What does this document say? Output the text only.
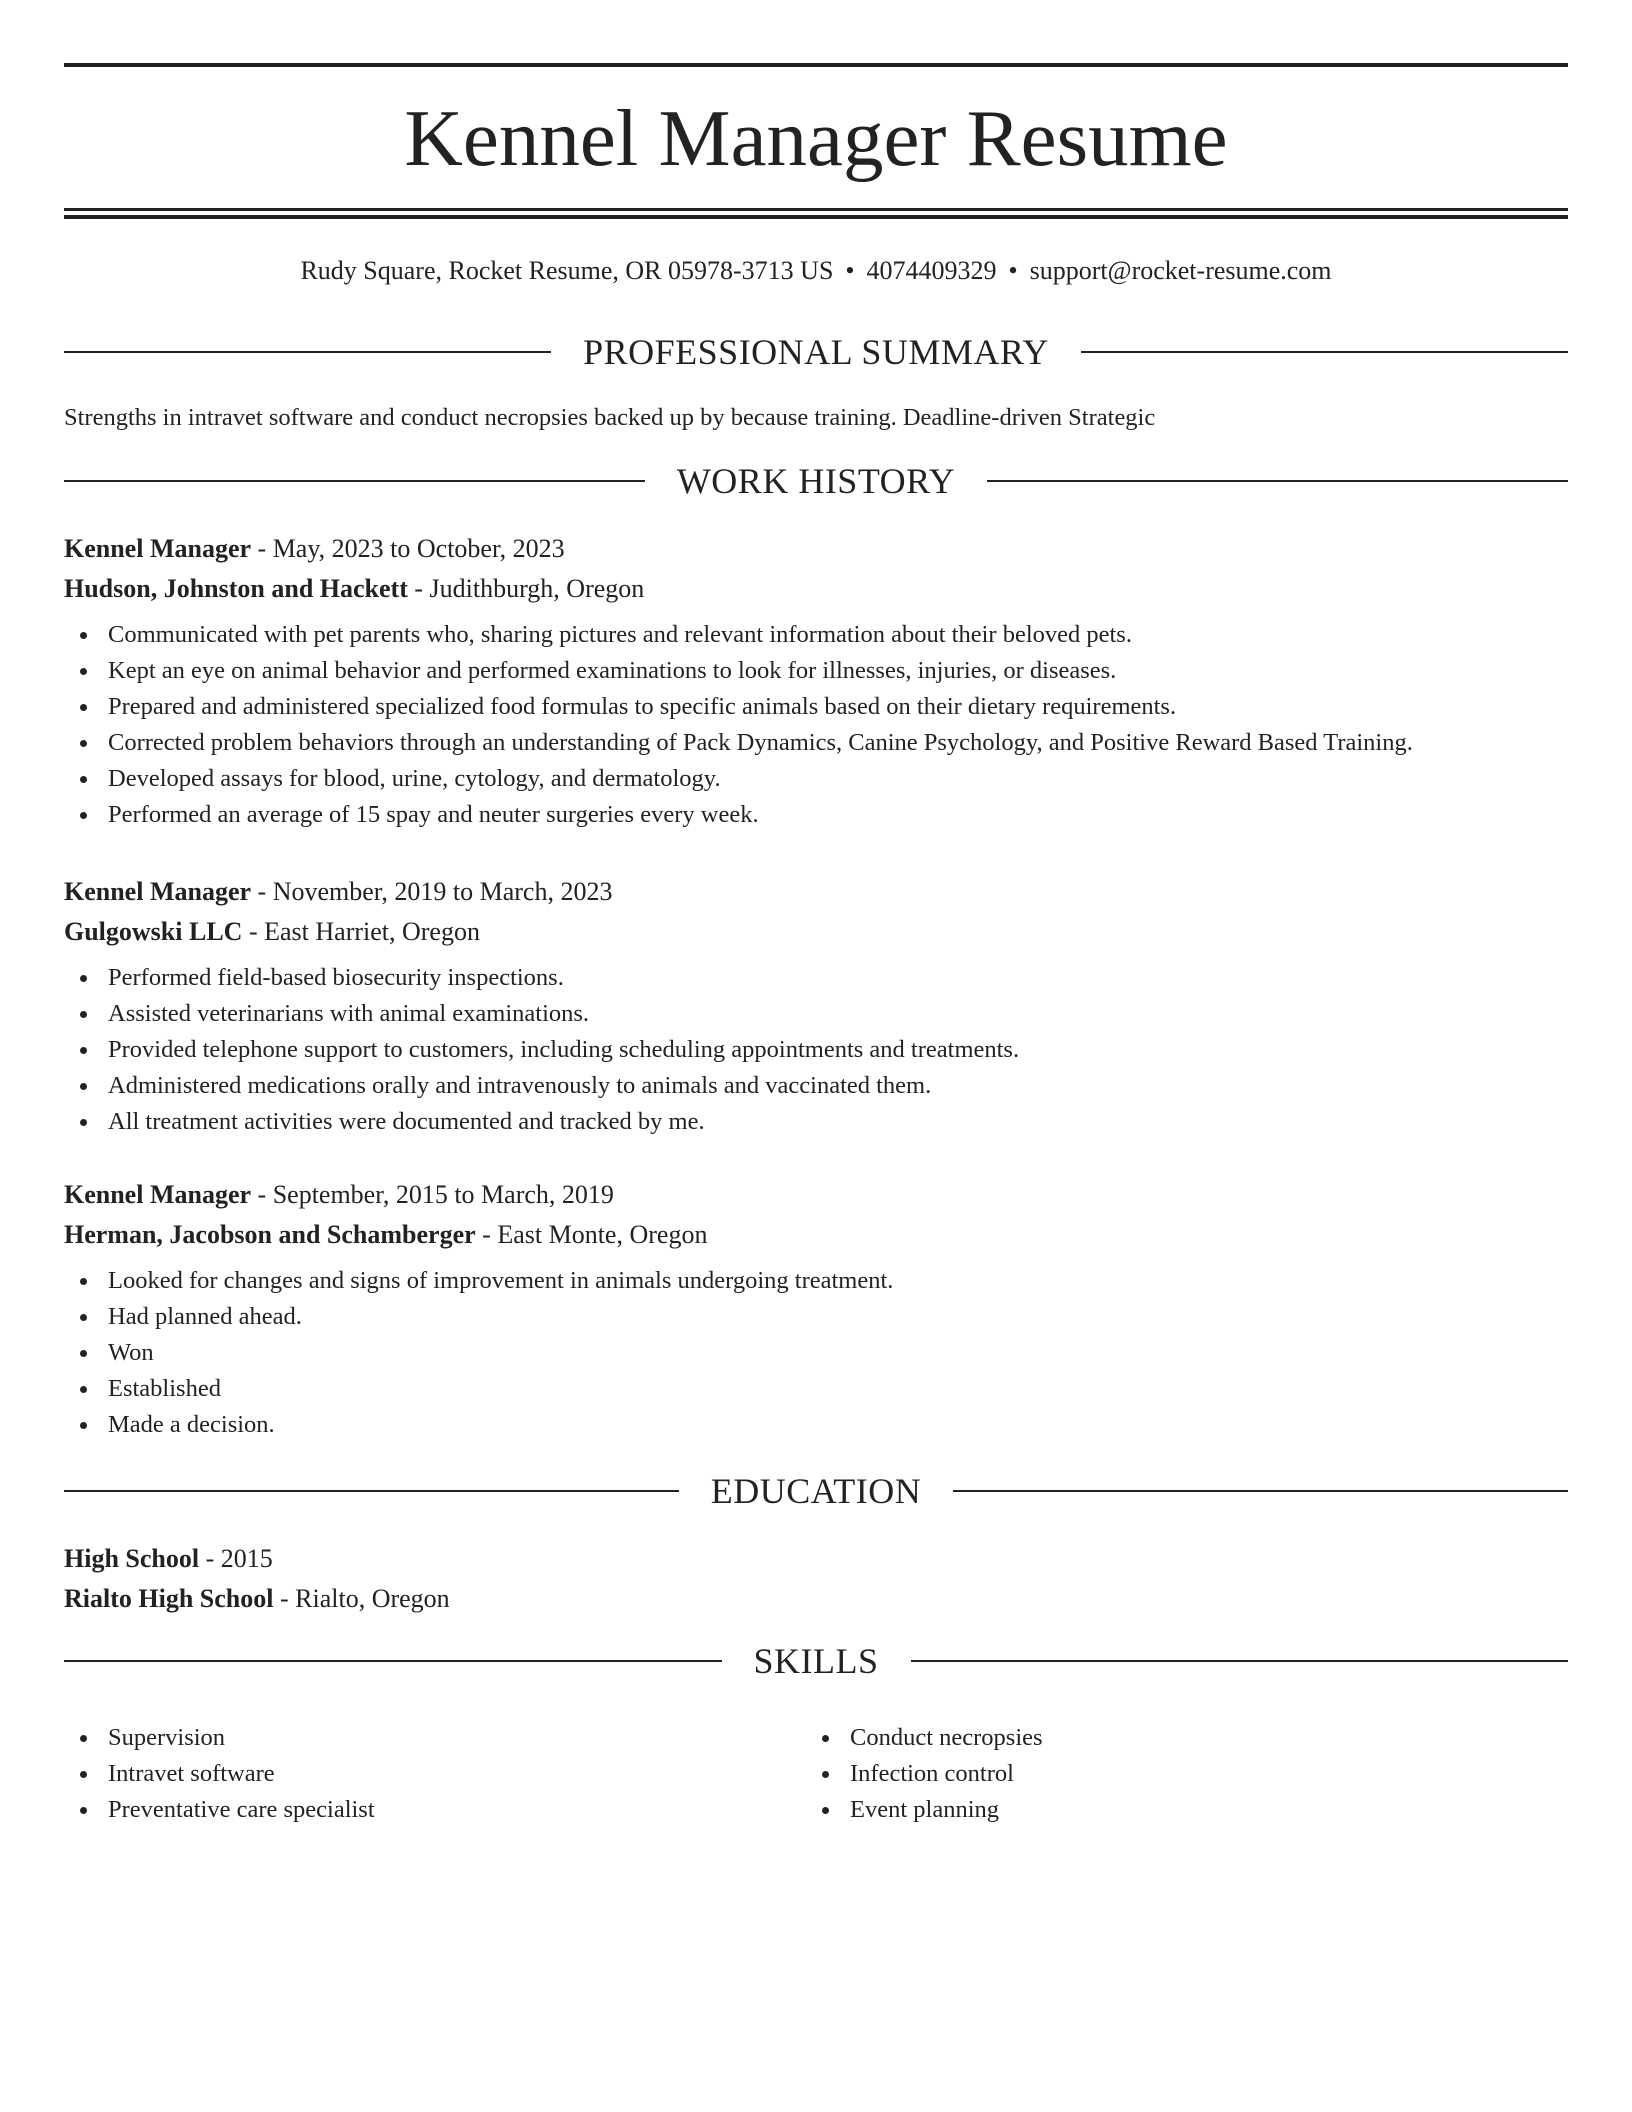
Kennel Manager Resume
Rudy Square, Rocket Resume, OR 05978-3713 US • 4074409329 • support@rocket-resume.com
PROFESSIONAL SUMMARY
Strengths in intravet software and conduct necropsies backed up by because training. Deadline-driven Strategic
WORK HISTORY
Kennel Manager - May, 2023 to October, 2023
Hudson, Johnston and Hackett - Judithburgh, Oregon
Communicated with pet parents who, sharing pictures and relevant information about their beloved pets.
Kept an eye on animal behavior and performed examinations to look for illnesses, injuries, or diseases.
Prepared and administered specialized food formulas to specific animals based on their dietary requirements.
Corrected problem behaviors through an understanding of Pack Dynamics, Canine Psychology, and Positive Reward Based Training.
Developed assays for blood, urine, cytology, and dermatology.
Performed an average of 15 spay and neuter surgeries every week.
Kennel Manager - November, 2019 to March, 2023
Gulgowski LLC - East Harriet, Oregon
Performed field-based biosecurity inspections.
Assisted veterinarians with animal examinations.
Provided telephone support to customers, including scheduling appointments and treatments.
Administered medications orally and intravenously to animals and vaccinated them.
All treatment activities were documented and tracked by me.
Kennel Manager - September, 2015 to March, 2019
Herman, Jacobson and Schamberger - East Monte, Oregon
Looked for changes and signs of improvement in animals undergoing treatment.
Had planned ahead.
Won
Established
Made a decision.
EDUCATION
High School - 2015
Rialto High School - Rialto, Oregon
SKILLS
Supervision
Intravet software
Preventative care specialist
Conduct necropsies
Infection control
Event planning
